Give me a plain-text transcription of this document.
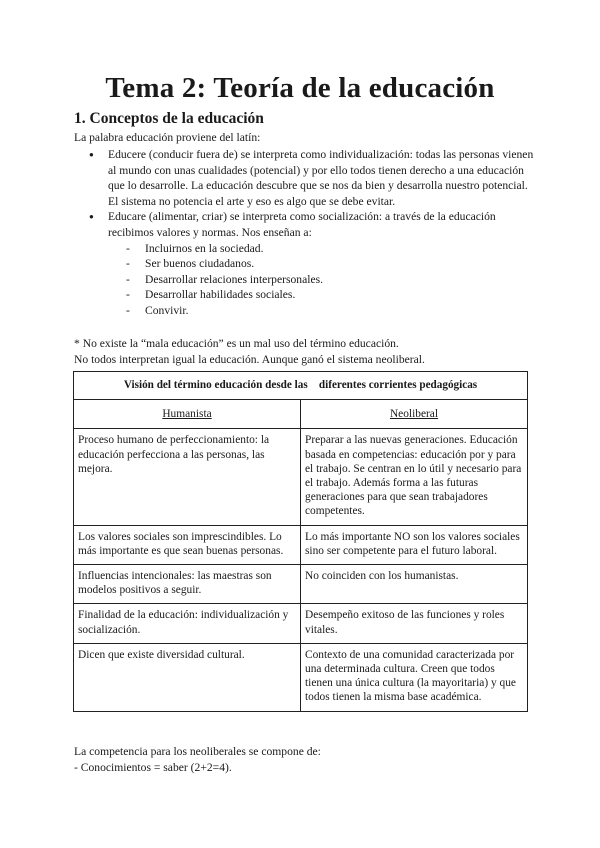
Tema 2: Teoría de la educación
1. Conceptos de la educación
La palabra educación proviene del latín:
● Educere (conducir fuera de) se interpreta como individualización: todas las personas vienen al mundo con unas cualidades (potencial) y por ello todos tienen derecho a una educación que lo desarrolle. La educación descubre que se nos da bien y desarrolla nuestro potencial. El sistema no potencia el arte y eso es algo que se debe evitar.
● Educare (alimentar, criar) se interpreta como socialización: a través de la educación recibimos valores y normas. Nos enseñan a:
- Incluirnos en la sociedad.
- Ser buenos ciudadanos.
- Desarrollar relaciones interpersonales.
- Desarrollar habilidades sociales.
- Convivir.
* No existe la “mala educación” es un mal uso del término educación.
No todos interpretan igual la educación. Aunque ganó el sistema neoliberal.
Visión del término educación desde las    diferentes corrientes pedagógicas	
Humanista	Neoliberal
Proceso humano de perfeccionamiento: la educación perfecciona a las personas, las mejora.	Preparar a las nuevas generaciones. Educación basada en competencias: educación por y para el trabajo. Se centran en lo útil y necesario para el trabajo. Además forma a las futuras generaciones para que sean trabajadores competentes.
Los valores sociales son imprescindibles. Lo más importante es que sean buenas personas.	Lo más importante NO son los valores sociales sino ser competente para el futuro laboral.
Influencias intencionales: las maestras son modelos positivos a seguir.	No coinciden con los humanistas.
Finalidad de la educación: individualización y socialización.	Desempeño exitoso de las funciones y roles vitales.
Dicen que existe diversidad cultural.	Contexto de una comunidad caracterizada por una determinada cultura. Creen que todos tienen una única cultura (la mayoritaria) y que todos tienen la misma base académica.
La competencia para los neoliberales se compone de:
- Conocimientos = saber (2+2=4).
